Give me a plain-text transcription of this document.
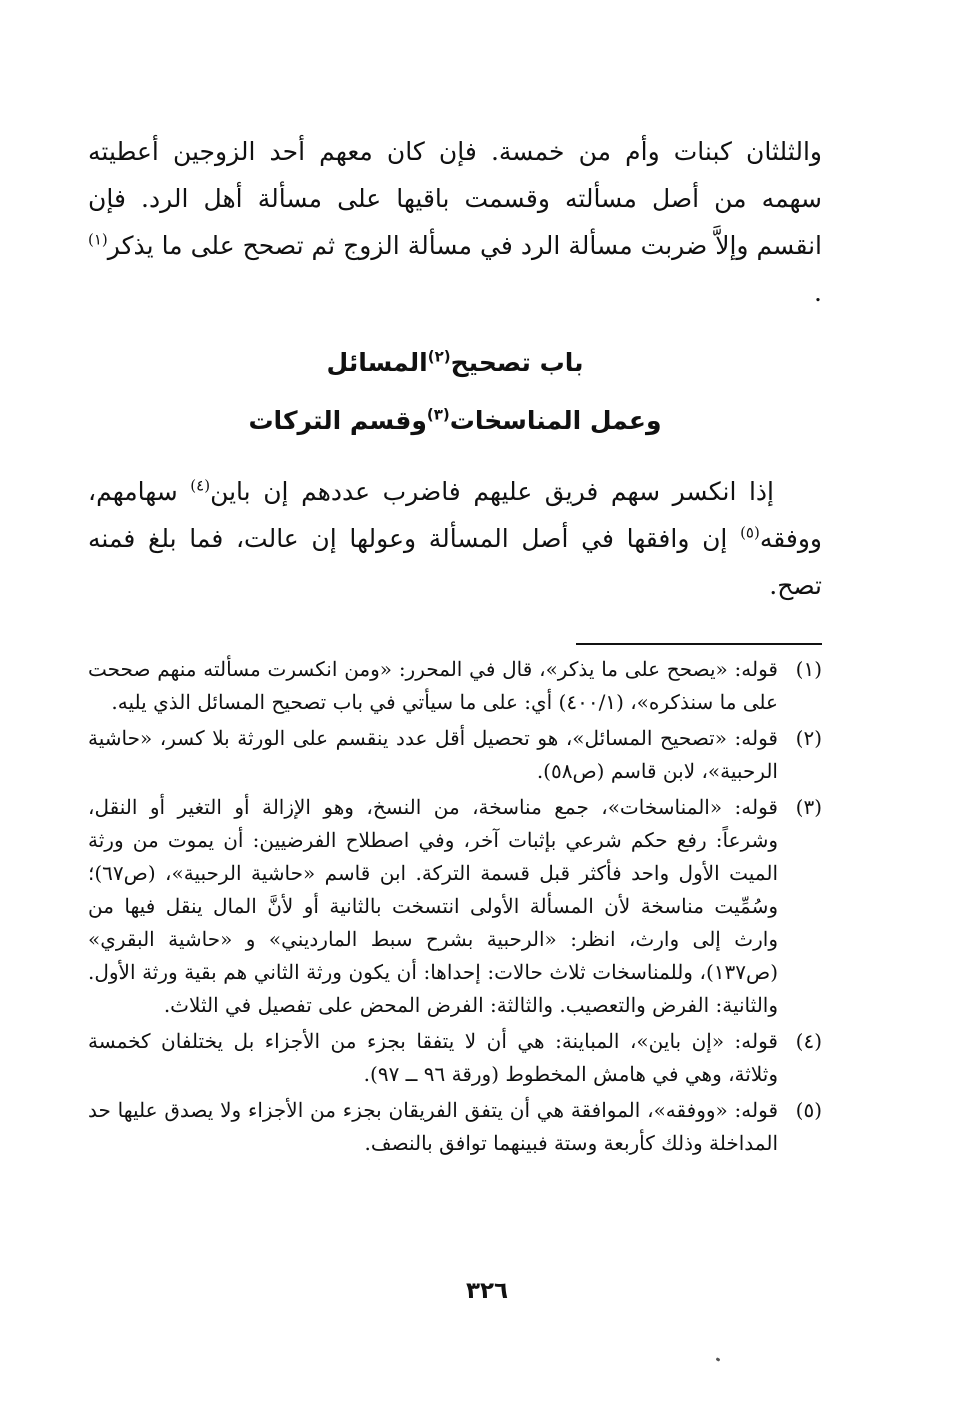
والثلثان كبنات وأم من خمسة. فإن كان معهم أحد الزوجين أعطيته سهمه من أصل مسألته وقسمت باقيها على مسألة أهل الرد. فإن انقسم وإلاَّ ضربت مسألة الرد في مسألة الزوج ثم تصحح على ما يذكر$^{(١)}$ .

باب تصحيح$^{(٢)}$المسائل

وعمل المناسخات$^{(٣)}$وقسم التركات

إذا انكسر سهم فريق عليهم فاضرب عددهم إن باين$^{(٤)}$ سهامهم، ووفقه$^{(٥)}$ إن وافقها في أصل المسألة وعولها إن عالت، فما بلغ فمنه تصح.

(١)
قوله: «يصحح على ما يذكر»، قال في المحرر: «ومن انكسرت مسألته منهم صححت على ما سنذكره»، (٤٠٠/١) أي: على ما سيأتي في باب تصحيح المسائل الذي يليه.
(٢)
قوله: «تصحيح المسائل»، هو تحصيل أقل عدد ينقسم على الورثة بلا كسر، «حاشية الرحبية»، لابن قاسم (ص٥٨).
(٣)
قوله: «المناسخات»، جمع مناسخة، من النسخ، وهو الإزالة أو التغير أو النقل، وشرعاً: رفع حكم شرعي بإثبات آخر، وفي اصطلاح الفرضيين: أن يموت من ورثة الميت الأول واحد فأكثر قبل قسمة التركة. ابن قاسم «حاشية الرحبية»، (ص٦٧)؛ وسُمِّيت مناسخة لأن المسألة الأولى انتسخت بالثانية أو لأنَّ المال ينقل فيها من وارث إلى وارث، انظر: «الرحبية بشرح سبط المارديني» و «حاشية البقري» (ص١٣٧)، وللمناسخات ثلاث حالات: إحداها: أن يكون ورثة الثاني هم بقية ورثة الأول. والثانية: الفرض والتعصيب. والثالثة: الفرض المحض على تفصيل في الثلاث.
(٤)
قوله: «إن باين»، المباينة: هي أن لا يتفقا بجزء من الأجزاء بل يختلفان كخمسة وثلاثة، وهي في هامش المخطوط (ورقة ٩٦ ــ ٩٧).
(٥)
قوله: «ووفقه»، الموافقة هي أن يتفق الفريقان بجزء من الأجزاء ولا يصدق عليها حد المداخلة وذلك كأربعة وستة فبينهما توافق بالنصف.
٣٢٦
